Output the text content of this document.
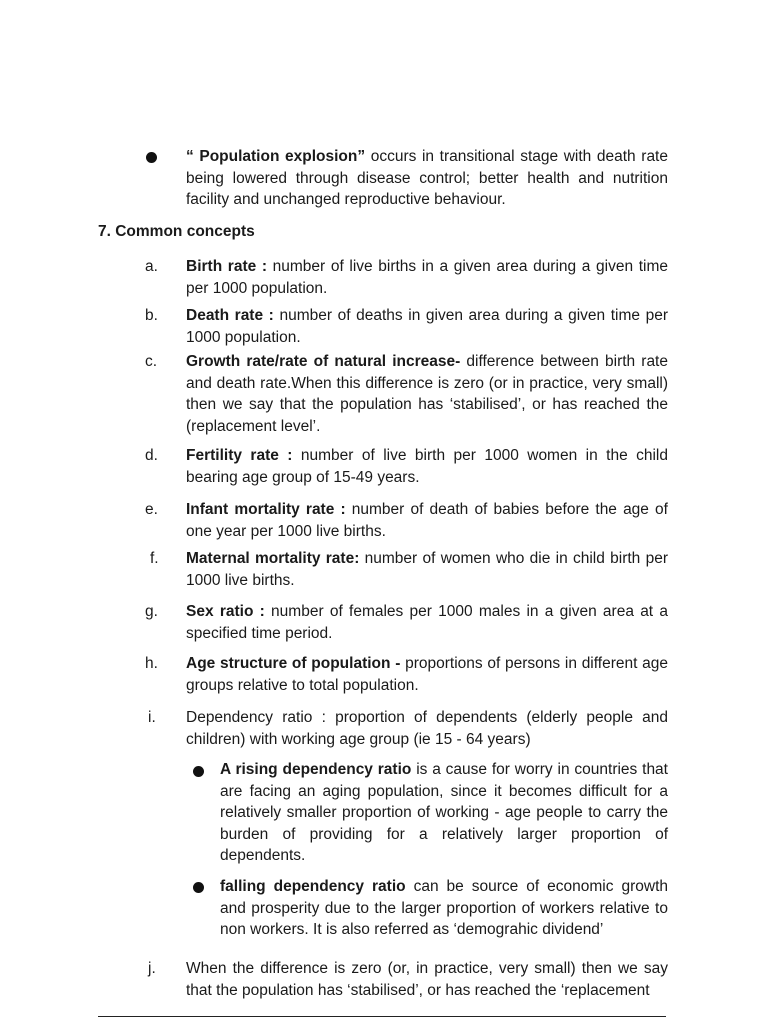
“ Population explosion” occurs in transitional stage with death rate being lowered through disease control; better health and nutrition facility and unchanged reproductive behaviour.
7. Common concepts
a.	Birth rate : number of live births in a given area during a given time per 1000 population.
b.	Death rate : number of deaths in given area during a given time per 1000 population.
c.	Growth rate/rate of natural increase- difference between birth rate and death rate.When this difference is zero (or in practice, very small) then we say that the population has ‘stabilised’, or has reached the (replacement level’.
d.	Fertility rate : number of live birth per 1000 women in the child bearing age group of 15-49 years.
e.	Infant mortality rate : number of death of babies before the age of one year per 1000 live births.
f.	Maternal mortality rate: number of women who die in child birth per 1000 live births.
g.	Sex ratio : number of females per 1000 males in a given area at a specified time period.
h.	Age structure of population - proportions of persons in different age groups relative to total population.
i.	Dependency ratio : proportion of dependents (elderly people and children) with working age group (ie 15 - 64 years)
A rising dependency ratio is a cause for worry in countries that are facing an aging population, since it becomes difficult for a relatively smaller proportion of working - age people to carry the burden of providing for a relatively larger proportion of dependents.
falling dependency ratio can be source of economic growth and prosperity due to the larger proportion of workers relative to non workers. It is also referred as ‘demograhic dividend’
j.	When the difference is zero (or, in practice, very small) then we say that the population has ‘stabilised’, or has reached the ‘replacement
